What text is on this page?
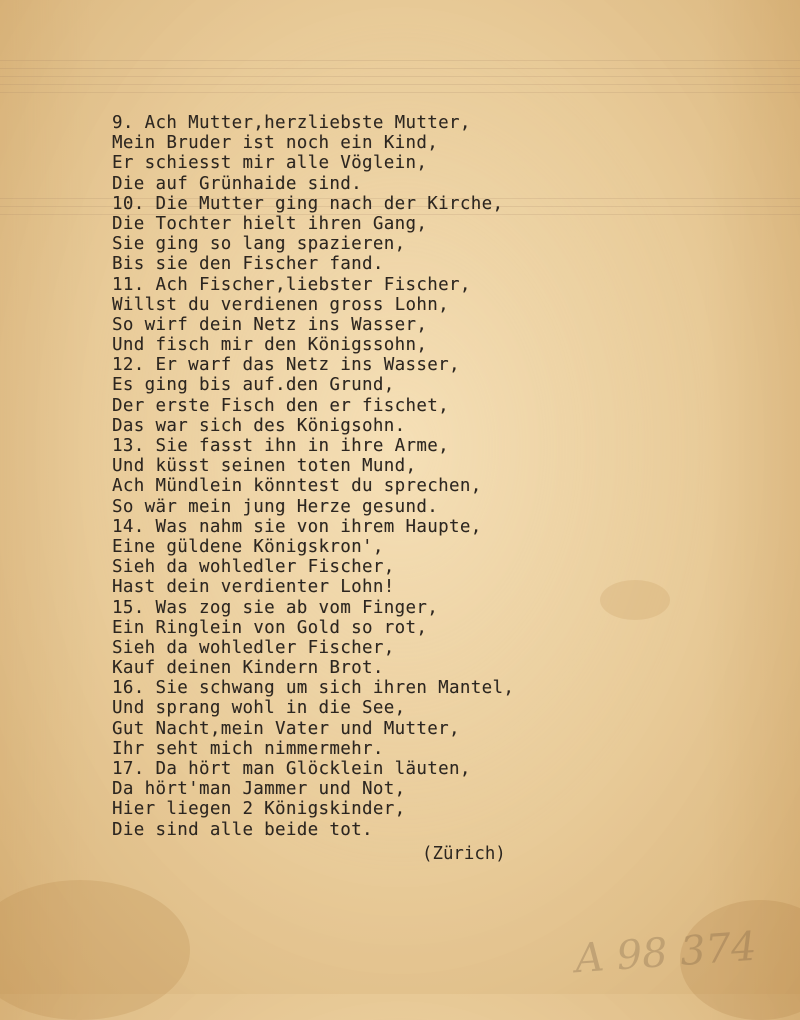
9. Ach Mutter,herzliebste Mutter,
Mein Bruder ist noch ein Kind,
Er schiesst mir alle Vöglein,
Die auf Grünhaide sind.
10. Die Mutter ging nach der Kirche,
Die Tochter hielt ihren Gang,
Sie ging so lang spazieren,
Bis sie den Fischer fand.
11. Ach Fischer,liebster Fischer,
Willst du verdienen gross Lohn,
So wirf dein Netz ins Wasser,
Und fisch mir den Königssohn,
12. Er warf das Netz ins Wasser,
Es ging bis auf.den Grund,
Der erste Fisch den er fischet,
Das war sich des Königsohn.
13. Sie fasst ihn in ihre Arme,
Und küsst seinen toten Mund,
Ach Mündlein könntest du sprechen,
So wär mein jung Herze gesund.
14. Was nahm sie von ihrem Haupte,
Eine güldene Königskron',
Sieh da wohledler Fischer,
Hast dein verdienter Lohn!
15. Was zog sie ab vom Finger,
Ein Ringlein von Gold so rot,
Sieh da wohledler Fischer,
Kauf deinen Kindern Brot.
16. Sie schwang um sich ihren Mantel,
Und sprang wohl in die See,
Gut Nacht,mein Vater und Mutter,
Ihr seht mich nimmermehr.
17. Da hört man Glöcklein läuten,
Da hört'man Jammer und Not,
Hier liegen 2 Königskinder,
Die sind alle beide tot.
(Zürich)
A 98 374
